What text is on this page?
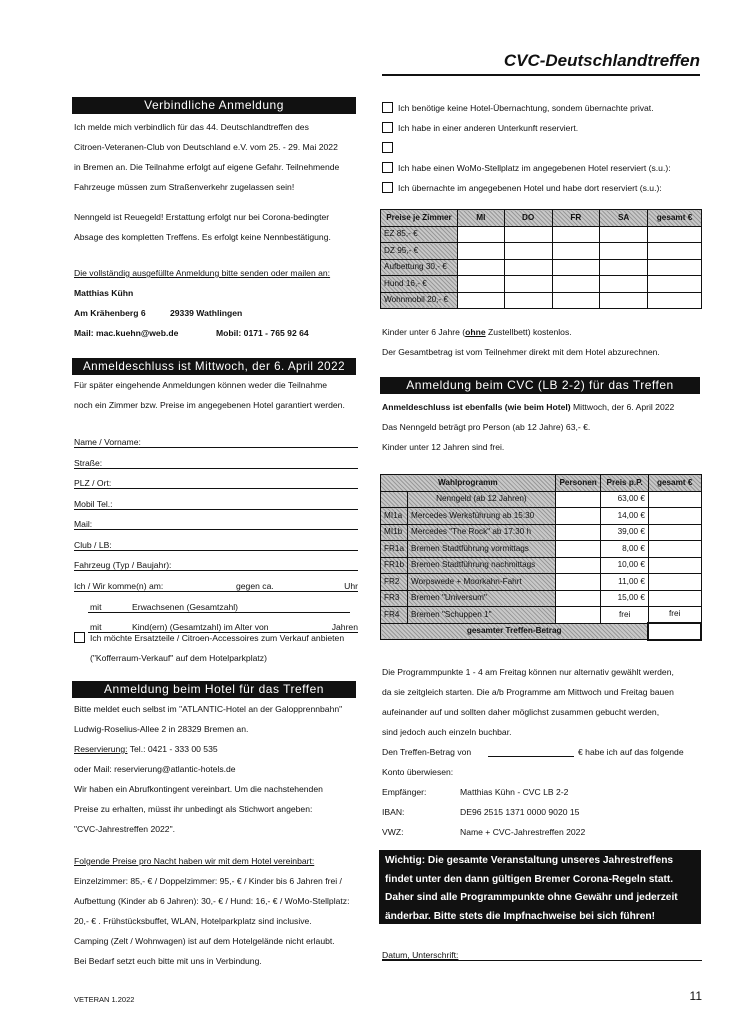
CVC-Deutschlandtreffen
Verbindliche Anmeldung
Ich melde mich verbindlich für das 44. Deutschlandtreffen des
Citroen-Veteranen-Club von Deutschland e.V. vom 25. - 29. Mai 2022
in Bremen an. Die Teilnahme erfolgt auf eigene Gefahr. Teilnehmende
Fahrzeuge müssen zum Straßenverkehr zugelassen sein!
Nenngeld ist Reuegeld! Erstattung erfolgt nur bei Corona-bedingter
Absage des kompletten Treffens. Es erfolgt keine Nennbestätigung.
Die vollständig ausgefüllte Anmeldung bitte senden oder mailen an:
Matthias Kühn
Am Krähenberg 6	29339 Wathlingen
Mail: mac.kuehn@web.de	Mobil: 0171 - 765 92 64
Anmeldeschluss ist Mittwoch, der 6. April 2022
Für später eingehende Anmeldungen können weder die Teilnahme
noch ein Zimmer bzw. Preise im angegebenen Hotel garantiert werden.
Name / Vorname:
Straße:
PLZ / Ort:
Mobil Tel.:
Mail:
Club / LB:
Fahrzeug (Typ / Baujahr):
Ich / Wir komme(n) am:	gegen ca.	Uhr
mit	Erwachsenen (Gesamtzahl)
mit	Kind(ern) (Gesamtzahl) im Alter von	Jahren
Ich möchte Ersatzteile / Citroen-Accessoires zum Verkauf anbieten
("Kofferraum-Verkauf" auf dem Hotelparkplatz)
Anmeldung beim Hotel für das Treffen
Bitte meldet euch selbst im "ATLANTIC-Hotel an der Galopprennbahn"
Ludwig-Roselius-Allee 2 in 28329 Bremen an.
Reservierung: Tel.: 0421 - 333 00 535
oder Mail: reservierung@atlantic-hotels.de
Wir haben ein Abrufkontingent vereinbart. Um die nachstehenden
Preise zu erhalten, müsst ihr unbedingt als Stichwort angeben:
"CVC-Jahrestreffen 2022".
Folgende Preise pro Nacht haben wir mit dem Hotel vereinbart:
Einzelzimmer: 85,- € / Doppelzimmer: 95,- € / Kinder bis 6 Jahren frei /
Aufbettung (Kinder ab 6 Jahren): 30,- € / Hund: 16,- € / WoMo-Stellplatz:
20,- € . Frühstücksbuffet, WLAN, Hotelparkplatz sind inclusive.
Camping (Zelt / Wohnwagen) ist auf dem Hotelgelände nicht erlaubt.
Bei Bedarf setzt euch bitte mit uns in Verbindung.
Ich benötige keine Hotel-Übernachtung, sondem übernachte privat.
Ich habe in einer anderen Unterkunft reserviert.
Ich habe einen WoMo-Stellplatz im angegebenen Hotel reserviert (s.u.):
Ich übernachte im angegebenen Hotel und habe dort reserviert (s.u.):
Preise je Zimmer	MI	DO	FR	SA	gesamt €
EZ 85,- €					
DZ 95,- €					
Aufbettung 30,- €					
Hund 16,- €					
Wohnmobil 20,- €					
Kinder unter 6 Jahre (ohne Zustellbett) kostenlos.
Der Gesamtbetrag ist vom Teilnehmer direkt mit dem Hotel abzurechnen.
Anmeldung beim CVC (LB 2-2) für das Treffen
Anmeldeschluss ist ebenfalls (wie beim Hotel) Mittwoch, der 6. April 2022
Das Nenngeld beträgt pro Person (ab 12 Jahre) 63,- €.
Kinder unter 12 Jahren sind frei.
Wahlprogramm		Personen	Preis p.P.	gesamt €
	Nenngeld (ab 12 Jahren)		63,00 €	
MI1a	Mercedes Werksführung ab 15:30		14,00 €	
MI1b	Mercedes "The Rock" ab 17:30 h		39,00 €	
FR1a	Bremen Stadtführung vormittags		8,00 €	
FR1b	Bremen Stadtführung nachmittags		10,00 €	
FR2	Worpswede + Moorkahn-Fahrt		11,00 €	
FR3	Bremen "Universum"		15,00 €	
FR4	Bremen "Schuppen 1"		frei	frei
gesamter Treffen-Betrag				
Die Programmpunkte 1 - 4 am Freitag können nur alternativ gewählt werden,
da sie zeitgleich starten. Die a/b Programme am Mittwoch und Freitag bauen
aufeinander auf und sollten daher möglichst zusammen gebucht werden,
sind jedoch auch einzeln buchbar.
Den Treffen-Betrag von	€ habe ich auf das folgende
Konto überwiesen:
Empfänger:	Matthias Kühn - CVC LB 2-2
IBAN:	DE96 2515 1371 0000 9020 15
VWZ:	Name + CVC-Jahrestreffen 2022
Wichtig: Die gesamte Veranstaltung unseres Jahrestreffens
findet unter den dann gültigen Bremer Corona-Regeln statt.
Daher sind alle Programmpunkte ohne Gewähr und jederzeit
änderbar. Bitte stets die Impfnachweise bei sich führen!
Datum, Unterschrift:
VETERAN 1.2022	11
